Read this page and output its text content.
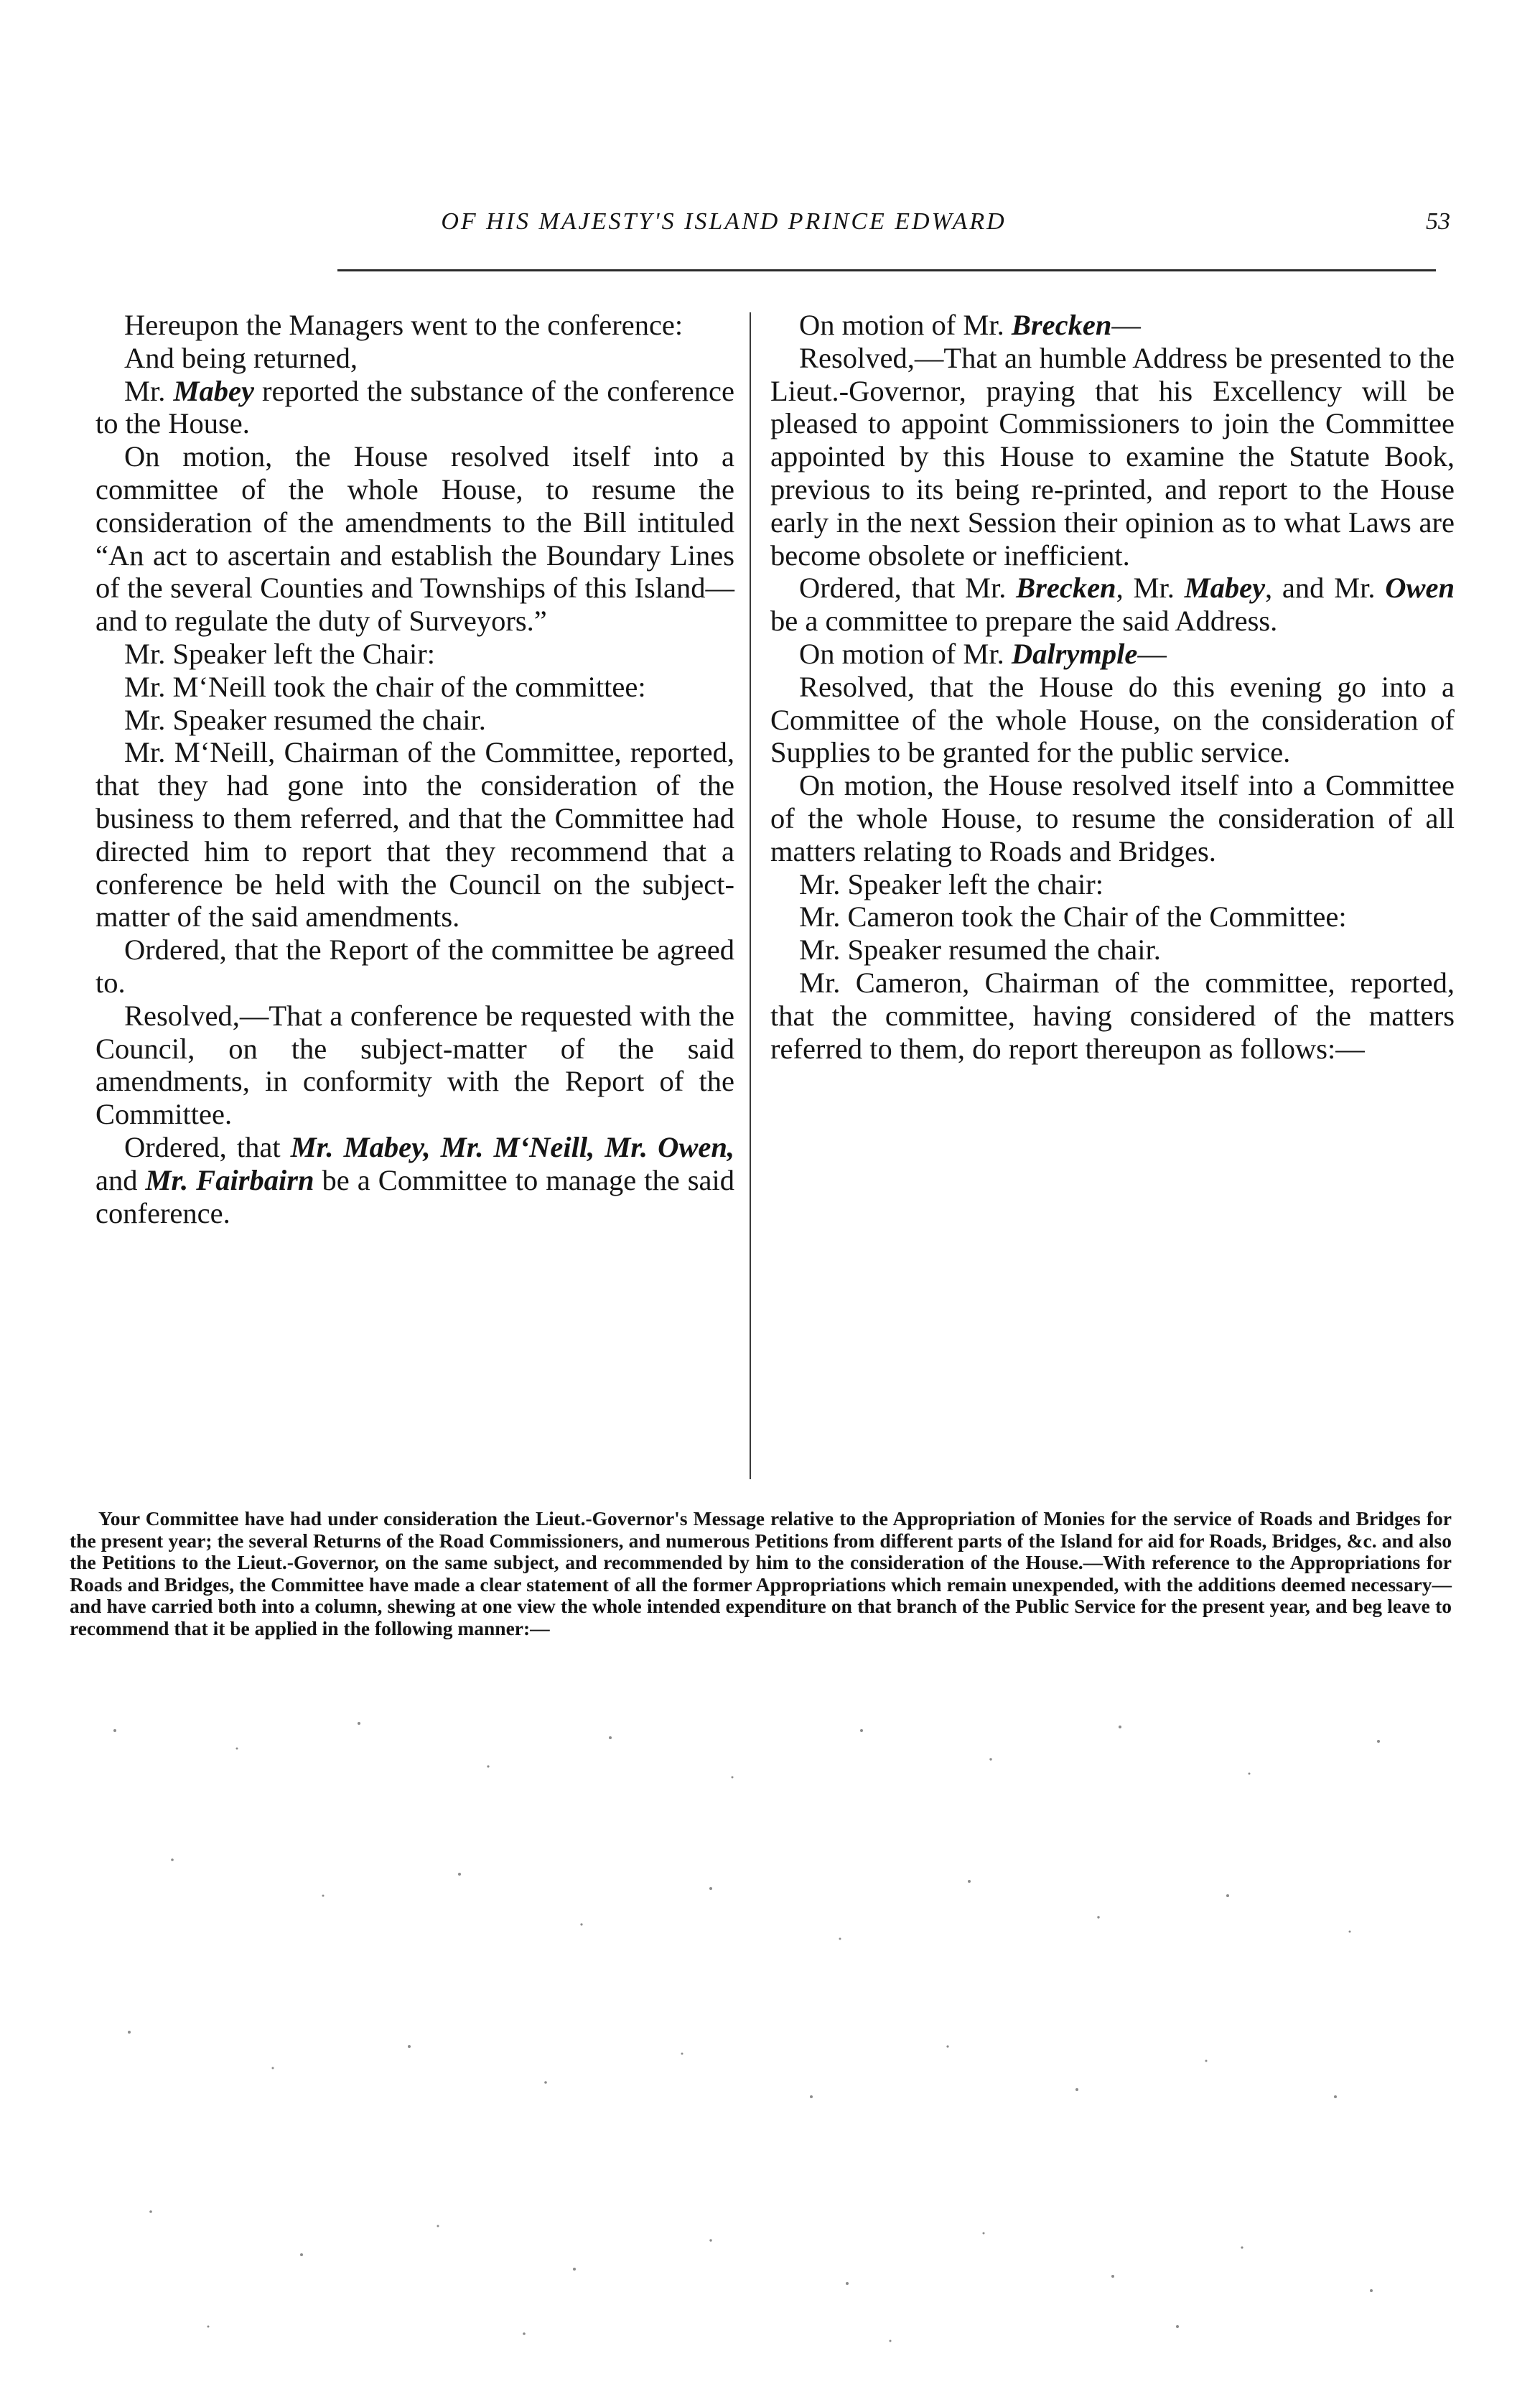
OF HIS MAJESTY'S ISLAND PRINCE EDWARD	53

Hereupon the Managers went to the conference:

And being returned,

Mr. Mabey reported the substance of the conference to the House.

On motion, the House resolved itself into a committee of the whole House, to resume the consideration of the amendments to the Bill intituled “An act to ascertain and establish the Boundary Lines of the several Counties and Townships of this Island—and to regulate the duty of Surveyors.”

Mr. Speaker left the Chair:

Mr. M‘Neill took the chair of the committee:

Mr. Speaker resumed the chair.

Mr. M‘Neill, Chairman of the Committee, reported, that they had gone into the consideration of the business to them referred, and that the Committee had directed him to report that they recommend that a conference be held with the Council on the subject-matter of the said amendments.

Ordered, that the Report of the committee be agreed to.

Resolved,—That a conference be requested with the Council, on the subject-matter of the said amendments, in conformity with the Report of the Committee.

Ordered, that Mr. Mabey, Mr. M‘Neill, Mr. Owen, and Mr. Fairbairn be a Committee to manage the said conference.

On motion of Mr. Brecken—

Resolved,—That an humble Address be presented to the Lieut.-Governor, praying that his Excellency will be pleased to appoint Commissioners to join the Committee appointed by this House to examine the Statute Book, previous to its being re-printed, and report to the House early in the next Session their opinion as to what Laws are become obsolete or inefficient.

Ordered, that Mr. Brecken, Mr. Mabey, and Mr. Owen be a committee to prepare the said Address.

On motion of Mr. Dalrymple—

Resolved, that the House do this evening go into a Committee of the whole House, on the consideration of Supplies to be granted for the public service.

On motion, the House resolved itself into a Committee of the whole House, to resume the consideration of all matters relating to Roads and Bridges.

Mr. Speaker left the chair:

Mr. Cameron took the Chair of the Committee:

Mr. Speaker resumed the chair.

Mr. Cameron, Chairman of the committee, reported, that the committee, having considered of the matters referred to them, do report thereupon as follows:—

Your Committee have had under consideration the Lieut.-Governor's Message relative to the Appropriation of Monies for the service of Roads and Bridges for the present year; the several Returns of the Road Commissioners, and numerous Petitions from different parts of the Island for aid for Roads, Bridges, &c. and also the Petitions to the Lieut.-Governor, on the same subject, and recommended by him to the consideration of the House.—With reference to the Appropriations for Roads and Bridges, the Committee have made a clear statement of all the former Appropriations which remain unexpended, with the additions deemed necessary—and have carried both into a column, shewing at one view the whole intended expenditure on that branch of the Public Service for the present year, and beg leave to recommend that it be applied in the following manner:—
